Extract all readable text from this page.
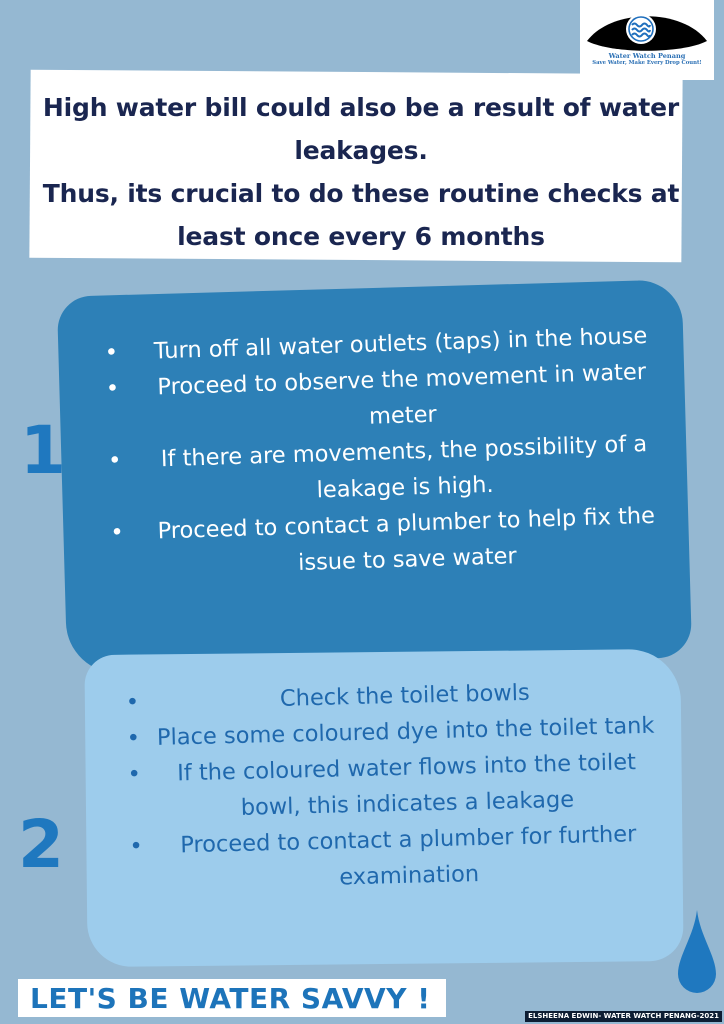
Water Watch Penang
Save Water, Make Every Drop Count!
High water bill could also be a result of water
leakages.
Thus, its crucial to do these routine checks at
least once every 6 months
1
• Turn off all water outlets (taps) in the house
• Proceed to observe the movement in water meter
• If there are movements, the possibility of a leakage is high.
• Proceed to contact a plumber to help fix the issue to save water
2
• Check the toilet bowls
• Place some coloured dye into the toilet tank
• If the coloured water flows into the toilet bowl, this indicates a leakage
• Proceed to contact a plumber for further examination
LET'S BE WATER SAVVY !
ELSHEENA EDWIN- WATER WATCH PENANG-2021
